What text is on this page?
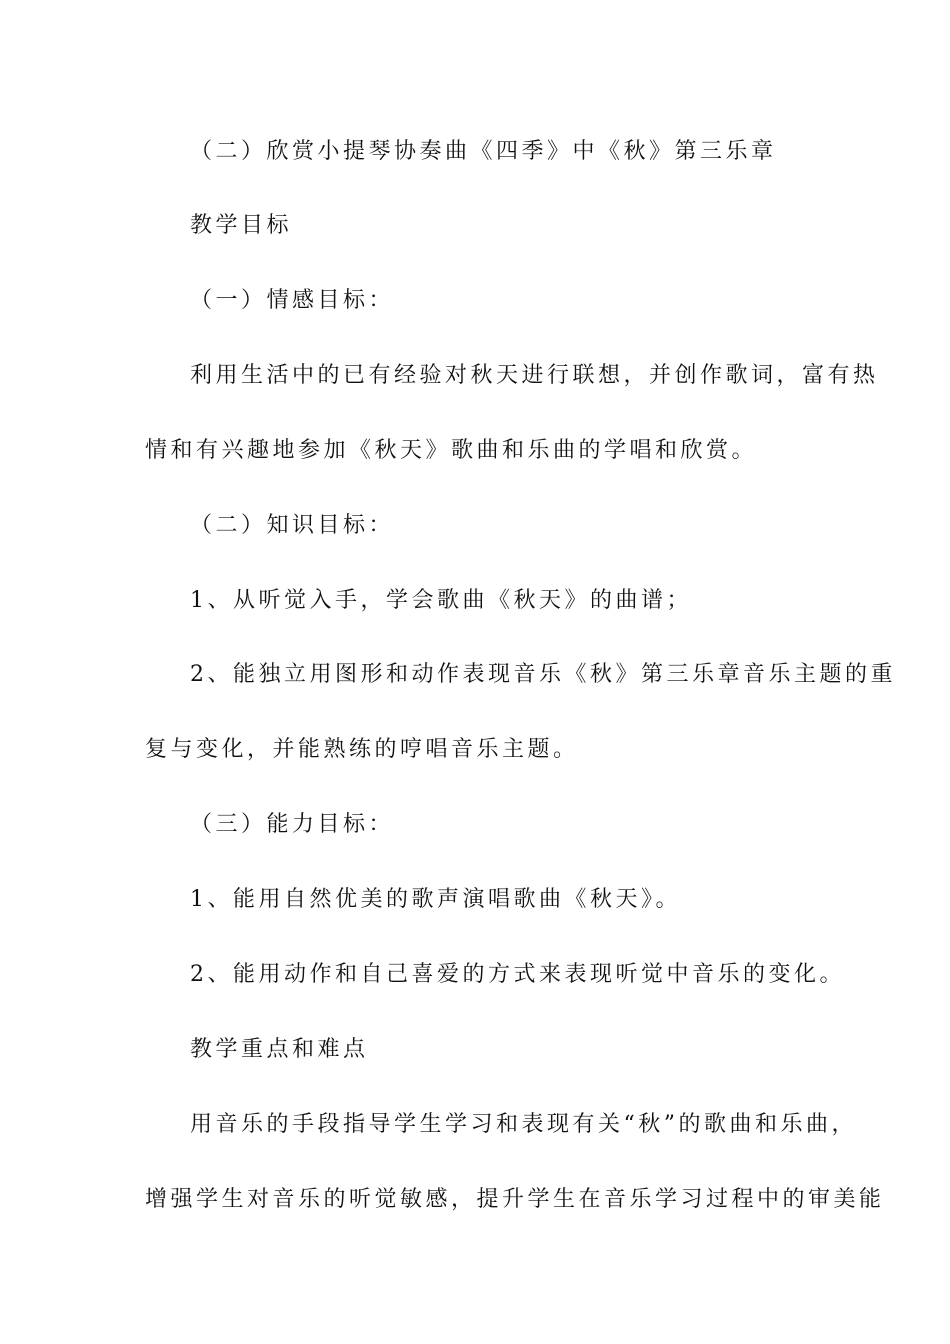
（二）欣赏小提琴协奏曲《四季》中《秋》第三乐章
教学目标
（一）情感目标：
利用生活中的已有经验对秋天进行联想，并创作歌词，富有热
情和有兴趣地参加《秋天》歌曲和乐曲的学唱和欣赏。
（二）知识目标：
1、从听觉入手，学会歌曲《秋天》的曲谱；
2、能独立用图形和动作表现音乐《秋》第三乐章音乐主题的重
复与变化，并能熟练的哼唱音乐主题。
（三）能力目标：
1、能用自然优美的歌声演唱歌曲《秋天》。
2、能用动作和自己喜爱的方式来表现听觉中音乐的变化。
教学重点和难点
用音乐的手段指导学生学习和表现有关“秋”的歌曲和乐曲，
增强学生对音乐的听觉敏感，提升学生在音乐学习过程中的审美能
